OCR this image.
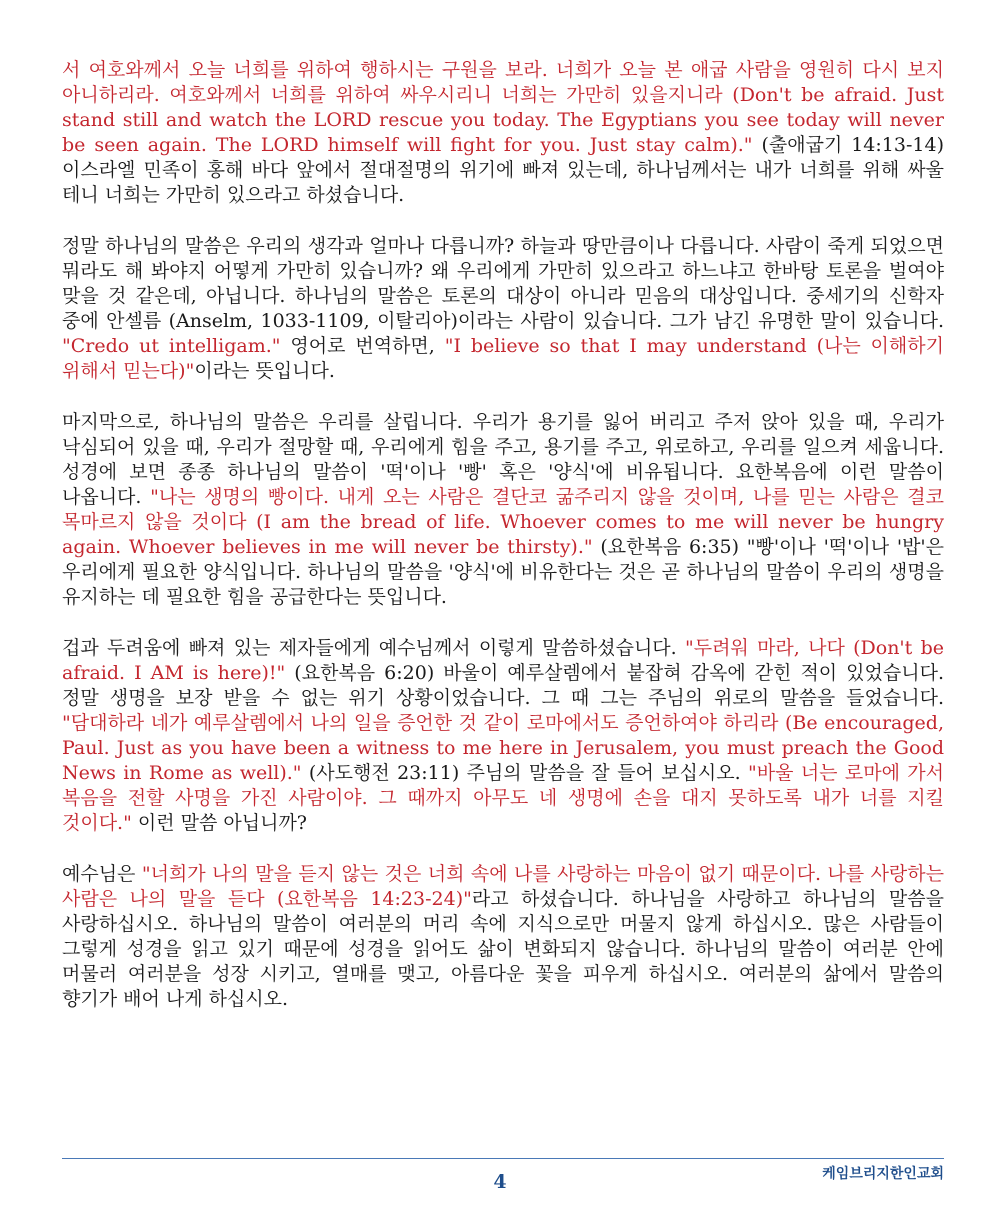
서 여호와께서 오늘 너희를 위하여 행하시는 구원을 보라. 너희가 오늘 본 애굽 사람을 영원히 다시 보지 아니하리라. 여호와께서 너희를 위하여 싸우시리니 너희는 가만히 있을지니라 (Don't be afraid. Just stand still and watch the LORD rescue you today. The Egyptians you see today will never be seen again. The LORD himself will fight for you. Just stay calm)." (출애굽기 14:13-14) 이스라엘 민족이 홍해 바다 앞에서 절대절명의 위기에 빠져 있는데, 하나님께서는 내가 너희를 위해 싸울 테니 너희는 가만히 있으라고 하셨습니다.

정말 하나님의 말씀은 우리의 생각과 얼마나 다릅니까? 하늘과 땅만큼이나 다릅니다. 사람이 죽게 되었으면 뭐라도 해 봐야지 어떻게 가만히 있습니까? 왜 우리에게 가만히 있으라고 하느냐고 한바탕 토론을 벌여야 맞을 것 같은데, 아닙니다. 하나님의 말씀은 토론의 대상이 아니라 믿음의 대상입니다. 중세기의 신학자 중에 안셀름 (Anselm, 1033-1109, 이탈리아)이라는 사람이 있습니다. 그가 남긴 유명한 말이 있습니다. "Credo ut intelligam." 영어로 번역하면, "I believe so that I may understand (나는 이해하기 위해서 믿는다)"이라는 뜻입니다.

마지막으로, 하나님의 말씀은 우리를 살립니다. 우리가 용기를 잃어 버리고 주저 앉아 있을 때, 우리가 낙심되어 있을 때, 우리가 절망할 때, 우리에게 힘을 주고, 용기를 주고, 위로하고, 우리를 일으켜 세웁니다. 성경에 보면 종종 하나님의 말씀이 '떡'이나 '빵' 혹은 '양식'에 비유됩니다. 요한복음에 이런 말씀이 나옵니다. "나는 생명의 빵이다. 내게 오는 사람은 결단코 굶주리지 않을 것이며, 나를 믿는 사람은 결코 목마르지 않을 것이다 (I am the bread of life. Whoever comes to me will never be hungry again. Whoever believes in me will never be thirsty)." (요한복음 6:35) "빵'이나 '떡'이나 '밥'은 우리에게 필요한 양식입니다. 하나님의 말씀을 '양식'에 비유한다는 것은 곧 하나님의 말씀이 우리의 생명을 유지하는 데 필요한 힘을 공급한다는 뜻입니다.

겁과 두려움에 빠져 있는 제자들에게 예수님께서 이렇게 말씀하셨습니다. "두려워 마라, 나다 (Don't be afraid. I AM is here)!" (요한복음 6:20) 바울이 예루살렘에서 붙잡혀 감옥에 갇힌 적이 있었습니다. 정말 생명을 보장 받을 수 없는 위기 상황이었습니다. 그 때 그는 주님의 위로의 말씀을 들었습니다. "담대하라 네가 예루살렘에서 나의 일을 증언한 것 같이 로마에서도 증언하여야 하리라 (Be encouraged, Paul. Just as you have been a witness to me here in Jerusalem, you must preach the Good News in Rome as well)." (사도행전 23:11) 주님의 말씀을 잘 들어 보십시오. "바울 너는 로마에 가서 복음을 전할 사명을 가진 사람이야. 그 때까지 아무도 네 생명에 손을 대지 못하도록 내가 너를 지킬 것이다." 이런 말씀 아닙니까?

예수님은 "너희가 나의 말을 듣지 않는 것은 너희 속에 나를 사랑하는 마음이 없기 때문이다. 나를 사랑하는 사람은 나의 말을 듣다 (요한복음 14:23-24)"라고 하셨습니다. 하나님을 사랑하고 하나님의 말씀을 사랑하십시오. 하나님의 말씀이 여러분의 머리 속에 지식으로만 머물지 않게 하십시오. 많은 사람들이 그렇게 성경을 읽고 있기 때문에 성경을 읽어도 삶이 변화되지 않습니다. 하나님의 말씀이 여러분 안에 머물러 여러분을 성장 시키고, 열매를 맺고, 아름다운 꽃을 피우게 하십시오. 여러분의 삶에서 말씀의 향기가 배어 나게 하십시오.

4	케임브리지한인교회
